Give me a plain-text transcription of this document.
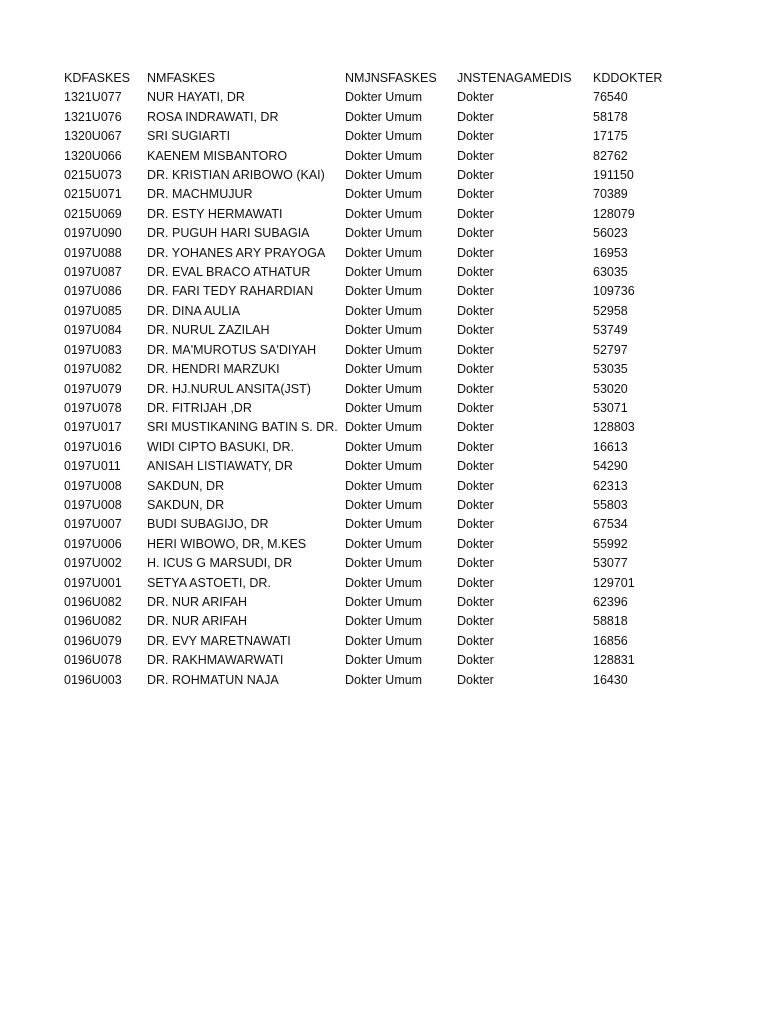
KDFASKES	NMFASKES	NMJNSFASKES	JNSTENAGAMEDIS	KDDOKTER
1321U077	NUR HAYATI, DR	Dokter Umum	Dokter	76540
1321U076	ROSA INDRAWATI, DR	Dokter Umum	Dokter	58178
1320U067	SRI SUGIARTI	Dokter Umum	Dokter	17175
1320U066	KAENEM MISBANTORO	Dokter Umum	Dokter	82762
0215U073	DR. KRISTIAN ARIBOWO (KAI)	Dokter Umum	Dokter	191150
0215U071	DR. MACHMUJUR	Dokter Umum	Dokter	70389
0215U069	DR. ESTY HERMAWATI	Dokter Umum	Dokter	128079
0197U090	DR. PUGUH HARI SUBAGIA	Dokter Umum	Dokter	56023
0197U088	DR. YOHANES ARY PRAYOGA	Dokter Umum	Dokter	16953
0197U087	DR. EVAL BRACO ATHATUR	Dokter Umum	Dokter	63035
0197U086	DR. FARI TEDY RAHARDIAN	Dokter Umum	Dokter	109736
0197U085	DR. DINA AULIA	Dokter Umum	Dokter	52958
0197U084	DR. NURUL ZAZILAH	Dokter Umum	Dokter	53749
0197U083	DR. MA'MUROTUS SA'DIYAH	Dokter Umum	Dokter	52797
0197U082	DR. HENDRI MARZUKI	Dokter Umum	Dokter	53035
0197U079	DR. HJ.NURUL ANSITA(JST)	Dokter Umum	Dokter	53020
0197U078	DR. FITRIJAH ,DR	Dokter Umum	Dokter	53071
0197U017	SRI MUSTIKANING BATIN S. DR.	Dokter Umum	Dokter	128803
0197U016	WIDI CIPTO BASUKI, DR.	Dokter Umum	Dokter	16613
0197U011	ANISAH LISTIAWATY, DR	Dokter Umum	Dokter	54290
0197U008	SAKDUN, DR	Dokter Umum	Dokter	62313
0197U008	SAKDUN, DR	Dokter Umum	Dokter	55803
0197U007	BUDI SUBAGIJO, DR	Dokter Umum	Dokter	67534
0197U006	HERI WIBOWO, DR, M.KES	Dokter Umum	Dokter	55992
0197U002	H. ICUS G MARSUDI, DR	Dokter Umum	Dokter	53077
0197U001	SETYA ASTOETI, DR.	Dokter Umum	Dokter	129701
0196U082	DR. NUR ARIFAH	Dokter Umum	Dokter	62396
0196U082	DR. NUR ARIFAH	Dokter Umum	Dokter	58818
0196U079	DR. EVY MARETNAWATI	Dokter Umum	Dokter	16856
0196U078	DR. RAKHMAWARWATI	Dokter Umum	Dokter	128831
0196U003	DR. ROHMATUN NAJA	Dokter Umum	Dokter	16430
